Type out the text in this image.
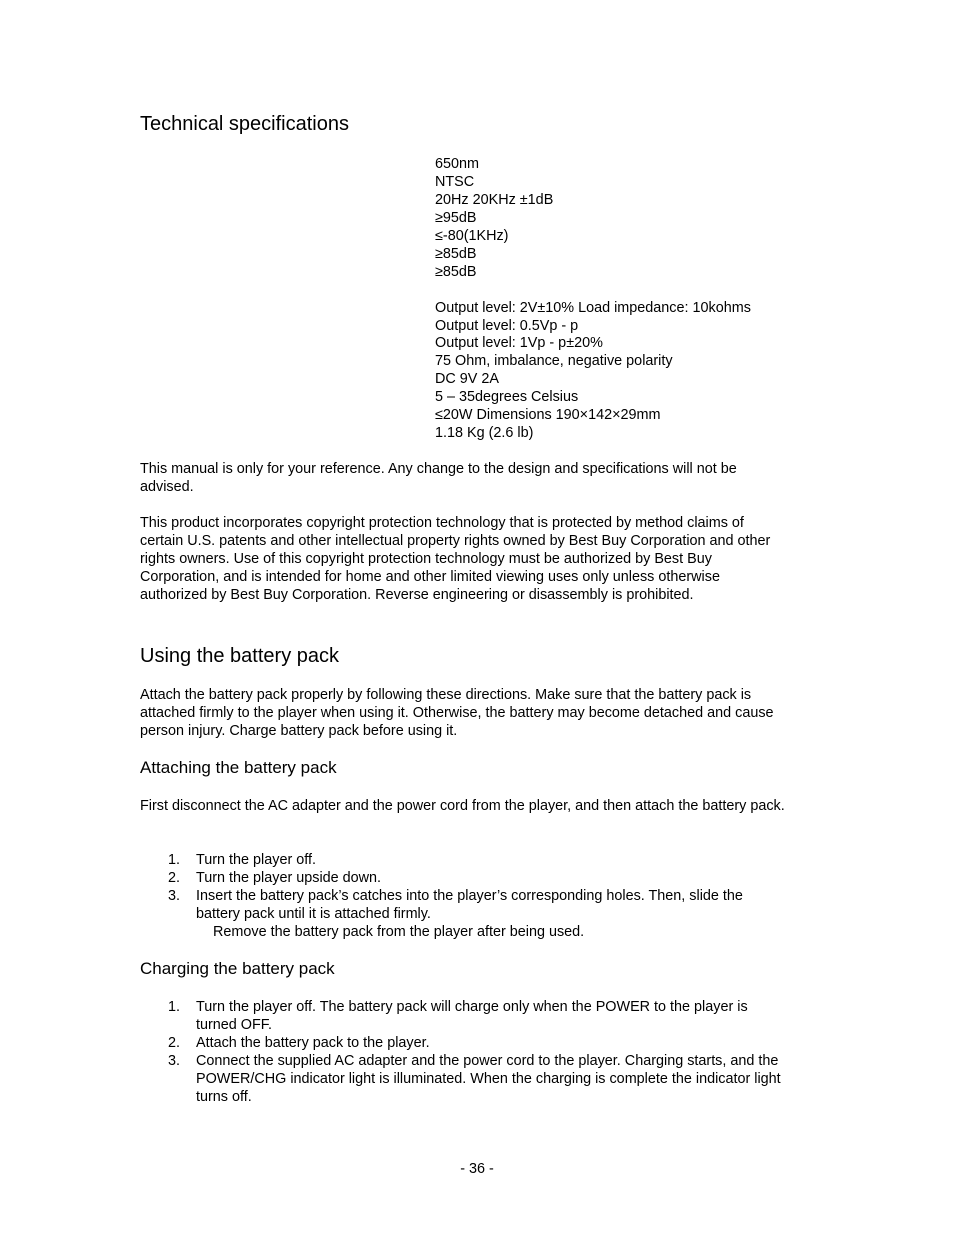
Technical specifications
650nm
NTSC
20Hz 20KHz ±1dB
≥95dB
≤-80(1KHz)
≥85dB
≥85dB
Output level: 2V±10% Load impedance: 10kohms
Output level: 0.5Vp - p
Output level: 1Vp - p±20%
75 Ohm, imbalance, negative polarity
DC 9V 2A
5 – 35degrees Celsius
≤20W Dimensions 190×142×29mm
1.18 Kg (2.6 lb)
This manual is only for your reference. Any change to the design and specifications will not be advised.
This product incorporates copyright protection technology that is protected by method claims of certain U.S. patents and other intellectual property rights owned by Best Buy Corporation and other rights owners. Use of this copyright protection technology must be authorized by Best Buy Corporation, and is intended for home and other limited viewing uses only unless otherwise authorized by Best Buy Corporation. Reverse engineering or disassembly is prohibited.
Using the battery pack
Attach the battery pack properly by following these directions. Make sure that the battery pack is attached firmly to the player when using it. Otherwise, the battery may become detached and cause person injury. Charge battery pack before using it.
Attaching the battery pack
First disconnect the AC adapter and the power cord from the player, and then attach the battery pack.
1. Turn the player off.
2. Turn the player upside down.
3. Insert the battery pack’s catches into the player’s corresponding holes. Then, slide the battery pack until it is attached firmly.
Remove the battery pack from the player after being used.
Charging the battery pack
1. Turn the player off. The battery pack will charge only when the POWER to the player is turned OFF.
2. Attach the battery pack to the player.
3. Connect the supplied AC adapter and the power cord to the player. Charging starts, and the POWER/CHG indicator light is illuminated. When the charging is complete the indicator light turns off.
- 36 -
